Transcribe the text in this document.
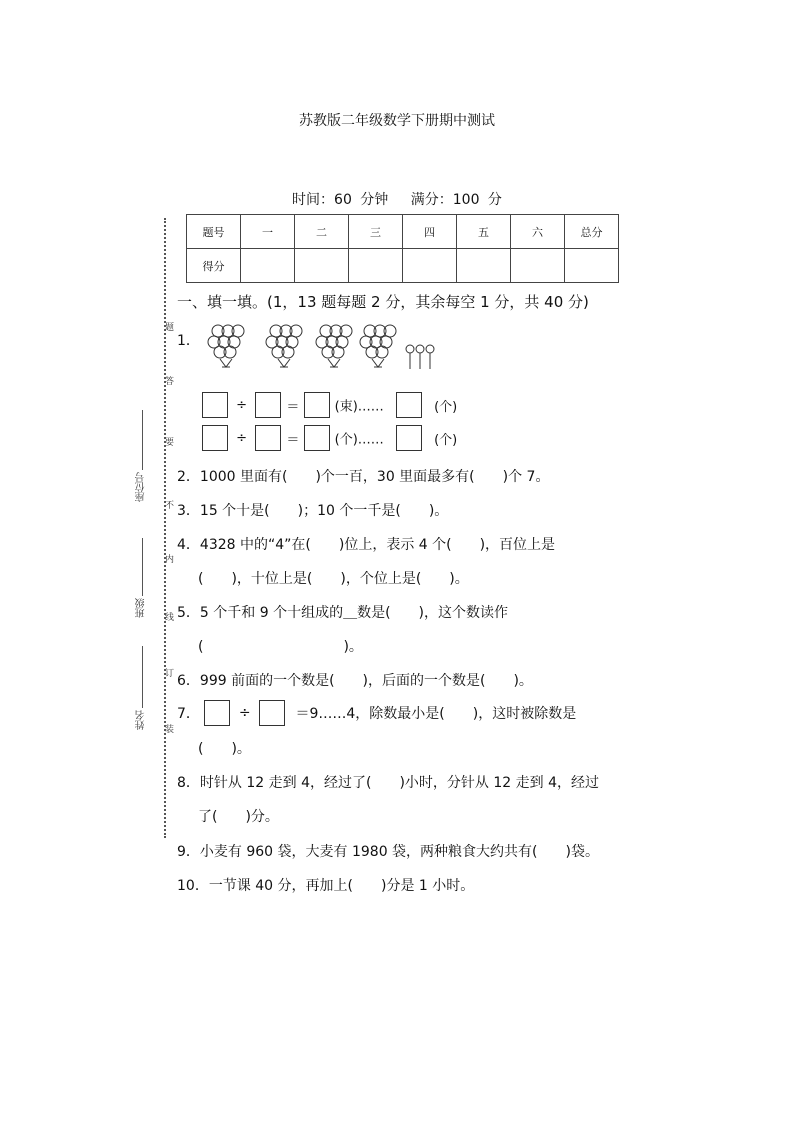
苏教版二年级数学下册期中测试
时间：60 分钟　 满分：100 分
题号	一	二	三	四	五	六	总分
得分							
题
答
要
不
内
线
订
装
座位号
班级
姓名
一、填一填。(1，13 题每题 2 分，其余每空 1 分，共 40 分)
1．
÷	＝	(束)……	(个)
÷	＝	(个)……	(个)
2．1000 里面有(　　)个一百，30 里面最多有(　　)个 7。
3．15 个十是(　　)；10 个一千是(　　)。
4．4328 中的“4”在(　　)位上，表示 4 个(　　)，百位上是
(　　)，十位上是(　　)，个位上是(　　)。
5．5 个千和 9 个十组成的＿数是(　　)，这个数读作
(　　　　　　　　　　)。
6．999 前面的一个数是(　　)，后面的一个数是(　　)。
7．	÷	＝9……4，除数最小是(　　)，这时被除数是
(　　)。
8．时针从 12 走到 4，经过了(　　)小时，分针从 12 走到 4，经过
了(　　)分。
9．小麦有 960 袋，大麦有 1980 袋，两种粮食大约共有(　　)袋。
10．一节课 40 分，再加上(　　)分是 1 小时。
